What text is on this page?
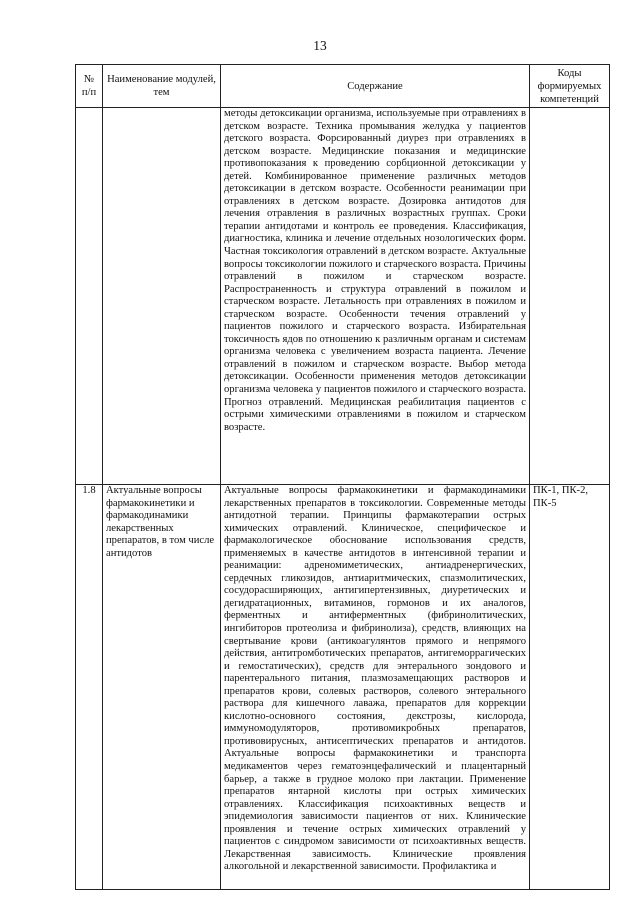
13
№ п/п	Наименование модулей, тем	Содержание	Коды формируемых компетенций

		методы детоксикации организма, используемые при отравлениях в детском возрасте. Техника промывания желудка у пациентов детского возраста. Форсированный диурез при отравлениях в детском возрасте. Медицинские показания и медицинские противопоказания к проведению сорбционной детоксикации у детей. Комбинированное применение различных методов детоксикации в детском возрасте. Особенности реанимации при отравлениях в детском возрасте. Дозировка антидотов для лечения отравления в различных возрастных группах. Сроки терапии антидотами и контроль ее проведения. Классификация, диагностика, клиника и лечение отдельных нозологических форм. Частная токсикология отравлений в детском возрасте. Актуальные вопросы токсикологии пожилого и старческого возраста. Причины отравлений в пожилом и старческом возрасте. Распространенность и структура отравлений в пожилом и старческом возрасте. Летальность при отравлениях в пожилом и старческом возрасте. Особенности течения отравлений у пациентов пожилого и старческого возраста. Избирательная токсичность ядов по отношению к различным органам и системам организма человека с увеличением возраста пациента. Лечение отравлений в пожилом и старческом возрасте. Выбор метода детоксикации. Особенности применения методов детоксикации организма человека у пациентов пожилого и старческого возраста. Прогноз отравлений. Медицинская реабилитация пациентов с острыми химическими отравлениями в пожилом и старческом возрасте.	

1.8	Актуальные вопросы фармакокинетики и фармакодинамики лекарственных препаратов, в том числе антидотов	Актуальные вопросы фармакокинетики и фармакодинамики лекарственных препаратов в токсикологии. Современные методы антидотной терапии. Принципы фармакотерапии острых химических отравлений. Клиническое, специфическое и фармакологическое обоснование использования средств, применяемых в качестве антидотов в интенсивной терапии и реанимации: адреномиметических, антиадренергических, сердечных гликозидов, антиаритмических, спазмолитических, сосудорасширяющих, антигипертензивных, диуретических и дегидратационных, витаминов, гормонов и их аналогов, ферментных и антиферментных (фибринолитических, ингибиторов протеолиза и фибринолиза), средств, влияющих на свертывание крови (антикоагулянтов прямого и непрямого действия, антитромботических препаратов, антигеморрагических и гемостатических), средств для энтерального зондового и парентерального питания, плазмозамещающих растворов и препаратов крови, солевых растворов, солевого энтерального раствора для кишечного лаважа, препаратов для коррекции кислотно-основного состояния, декстрозы, кислорода, иммуномодуляторов, противомикробных препаратов, противовирусных, антисептических препаратов и антидотов. Актуальные вопросы фармакокинетики и транспорта медикаментов через гематоэнцефалический и плацентарный барьер, а также в грудное молоко при лактации. Применение препаратов янтарной кислоты при острых химических отравлениях. Классификация психоактивных веществ и эпидемиология зависимости пациентов от них. Клинические проявления и течение острых химических отравлений у пациентов с синдромом зависимости от психоактивных веществ. Лекарственная зависимость. Клинические проявления алкогольной и лекарственной зависимости. Профилактика и	ПК-1, ПК-2, ПК-5
